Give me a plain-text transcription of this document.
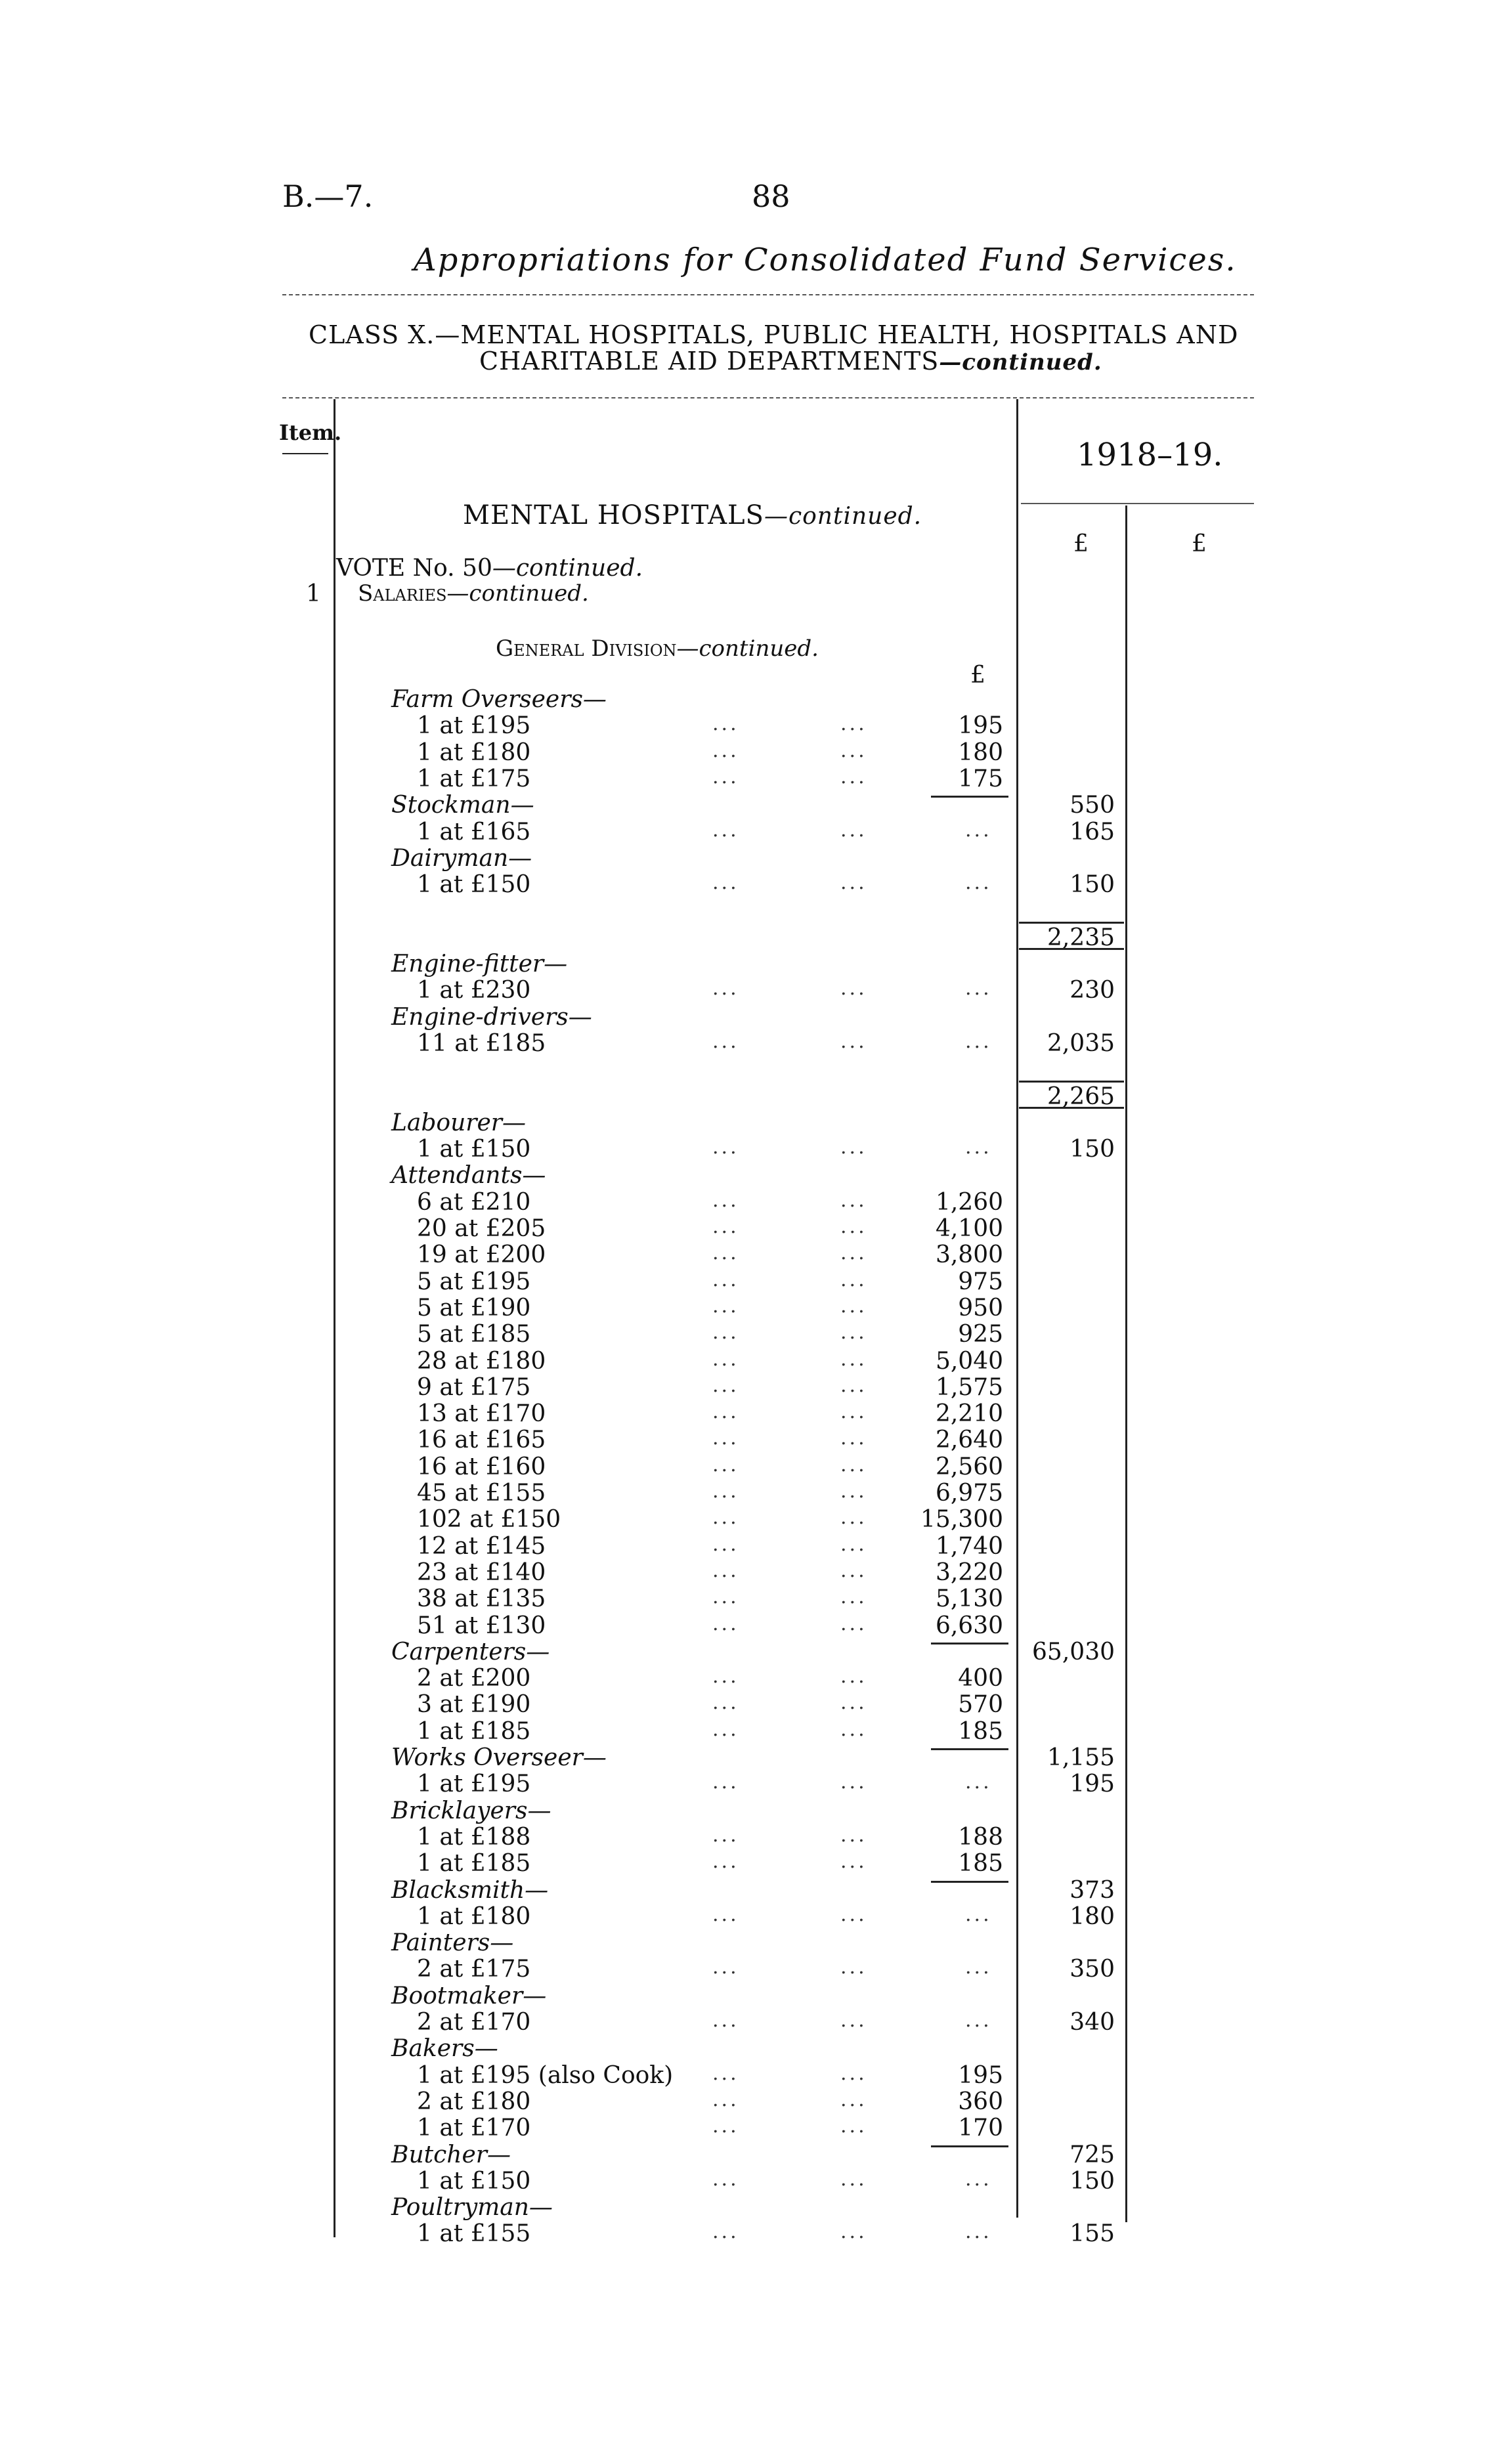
B.—7.	88
Appropriations for Consolidated Fund Services.
CLASS X.—MENTAL HOSPITALS, PUBLIC HEALTH, HOSPITALS AND
CHARITABLE AID DEPARTMENTS—continued.
Item.
1918–19.
£	£
MENTAL HOSPITALS—continued.
VOTE No. 50—continued.
1 Salaries—continued.
General Division—continued.
£
Farm Overseers—
1 at £195	...	...	195
1 at £180	...	...	180
1 at £175	...	...	175
Stockman—	550
1 at £165	...	...	...	165
Dairyman—
1 at £150	...	...	...	150
2,235
Engine-fitter—
1 at £230	...	...	...	230
Engine-drivers—
11 at £185	...	...	... 2,035
2,265
Labourer—
1 at £150	...	...	...	150
Attendants—
6 at £210	...	...	1,260
20 at £205	...	...	4,100
19 at £200	...	...	3,800
5 at £195	...	...	975
5 at £190	...	...	950
5 at £185	...	...	925
28 at £180	...	...	5,040
9 at £175	...	...	1,575
13 at £170	...	...	2,210
16 at £165	...	...	2,640
16 at £160	...	...	2,560
45 at £155	...	...	6,975
102 at £150	...	... 15,300
12 at £145	...	...	1,740
23 at £140	...	...	3,220
38 at £135	...	...	5,130
51 at £130	...	...	6,630
Carpenters—	65,030
2 at £200	...	...	400
3 at £190	...	...	570
1 at £185	...	...	185
Works Overseer—	1,155
1 at £195	...	...	...	195
Bricklayers—
1 at £188	...	...	188
1 at £185	...	...	185
Blacksmith—	373
1 at £180	...	...	...	180
Painters—
2 at £175	...	...	...	350
Bootmaker—
2 at £170	...	...	...	340
Bakers—
1 at £195 (also Cook) ...	...	195
2 at £180	...	...	360
1 at £170	...	...	170
Butcher—	725
1 at £150	...	...	...	150
Poultryman—
1 at £155	...	...	...	155
